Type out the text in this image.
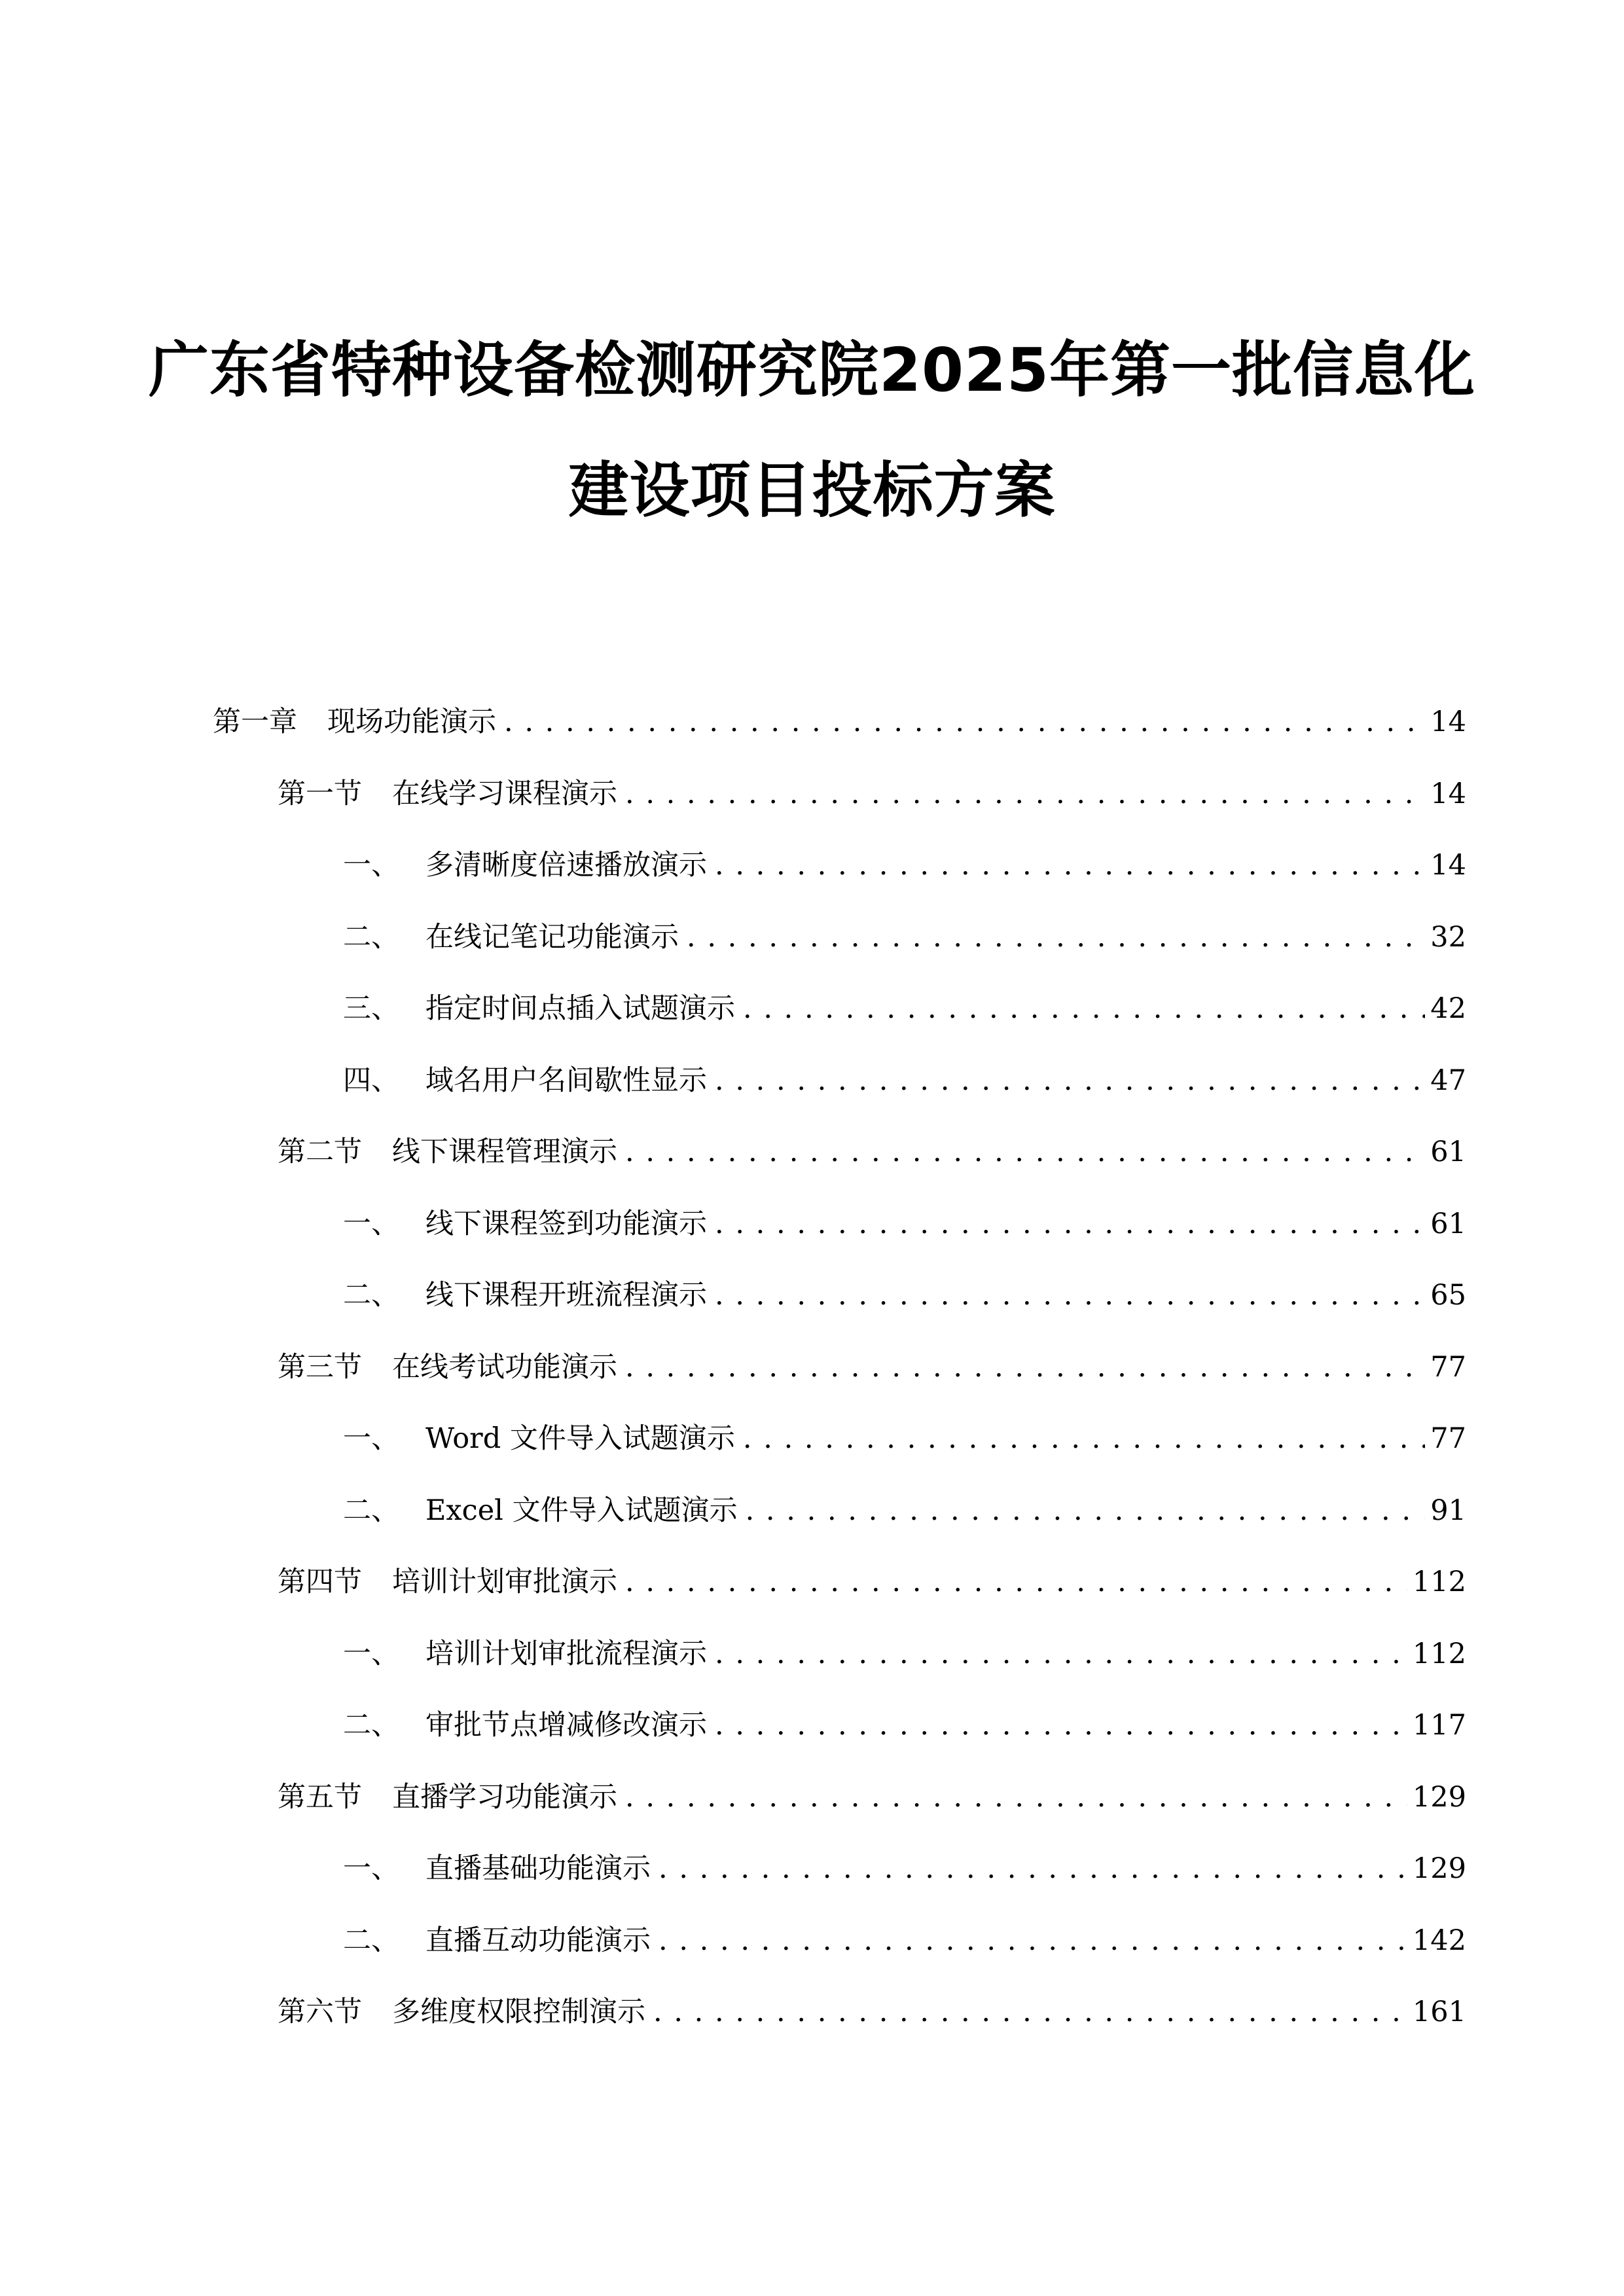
广东省特种设备检测研究院2025年第一批信息化
建设项目投标方案
第一章 现场功能演示 . . .	14
第一节 在线学习课程演示 . . .	14
一、 多清晰度倍速播放演示 . . .	14
二、 在线记笔记功能演示 . . .	32
三、 指定时间点插入试题演示 . . .	42
四、 域名用户名间歇性显示 . . .	47
第二节 线下课程管理演示 . . .	61
一、 线下课程签到功能演示 . . .	61
二、 线下课程开班流程演示 . . .	65
第三节 在线考试功能演示 . . .	77
一、 Word 文件导入试题演示 . . .	77
二、 Excel 文件导入试题演示 . . .	91
第四节 培训计划审批演示 . . .	112
一、 培训计划审批流程演示 . . .	112
二、 审批节点增减修改演示 . . .	117
第五节 直播学习功能演示 . . .	129
一、 直播基础功能演示 . . .	129
二、 直播互动功能演示 . . .	142
第六节 多维度权限控制演示 . . .	161
